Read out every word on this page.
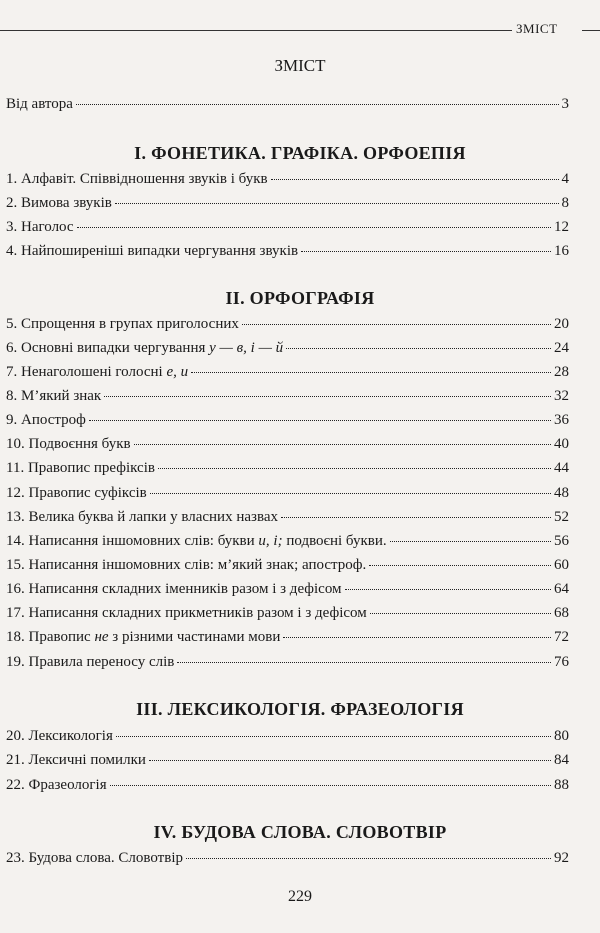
ЗМІСТ
ЗМІСТ
Від автора	3
І. ФОНЕТИКА. ГРАФІКА. ОРФОЕПІЯ
1. Алфавіт. Співвідношення звуків і букв	4
2. Вимова звуків	8
3. Наголос	12
4. Найпоширеніші випадки чергування звуків	16
ІІ. ОРФОГРАФІЯ
5. Спрощення в групах приголосних	20
6. Основні випадки чергування у — в, і — й	24
7. Ненаголошені голосні е, и	28
8. М’який знак	32
9. Апостроф	36
10. Подвоєння букв	40
11. Правопис префіксів	44
12. Правопис суфіксів	48
13. Велика буква й лапки у власних назвах	52
14. Написання іншомовних слів: букви и, і; подвоєні букви.	56
15. Написання іншомовних слів: м’який знак; апостроф.	60
16. Написання складних іменників разом і з дефісом	64
17. Написання складних прикметників разом і з дефісом	68
18. Правопис не з різними частинами мови	72
19. Правила переносу слів	76
ІІІ. ЛЕКСИКОЛОГІЯ. ФРАЗЕОЛОГІЯ
20. Лексикологія	80
21. Лексичні помилки	84
22. Фразеологія	88
IV. БУДОВА СЛОВА. СЛОВОТВІР
23. Будова слова. Словотвір	92
229
